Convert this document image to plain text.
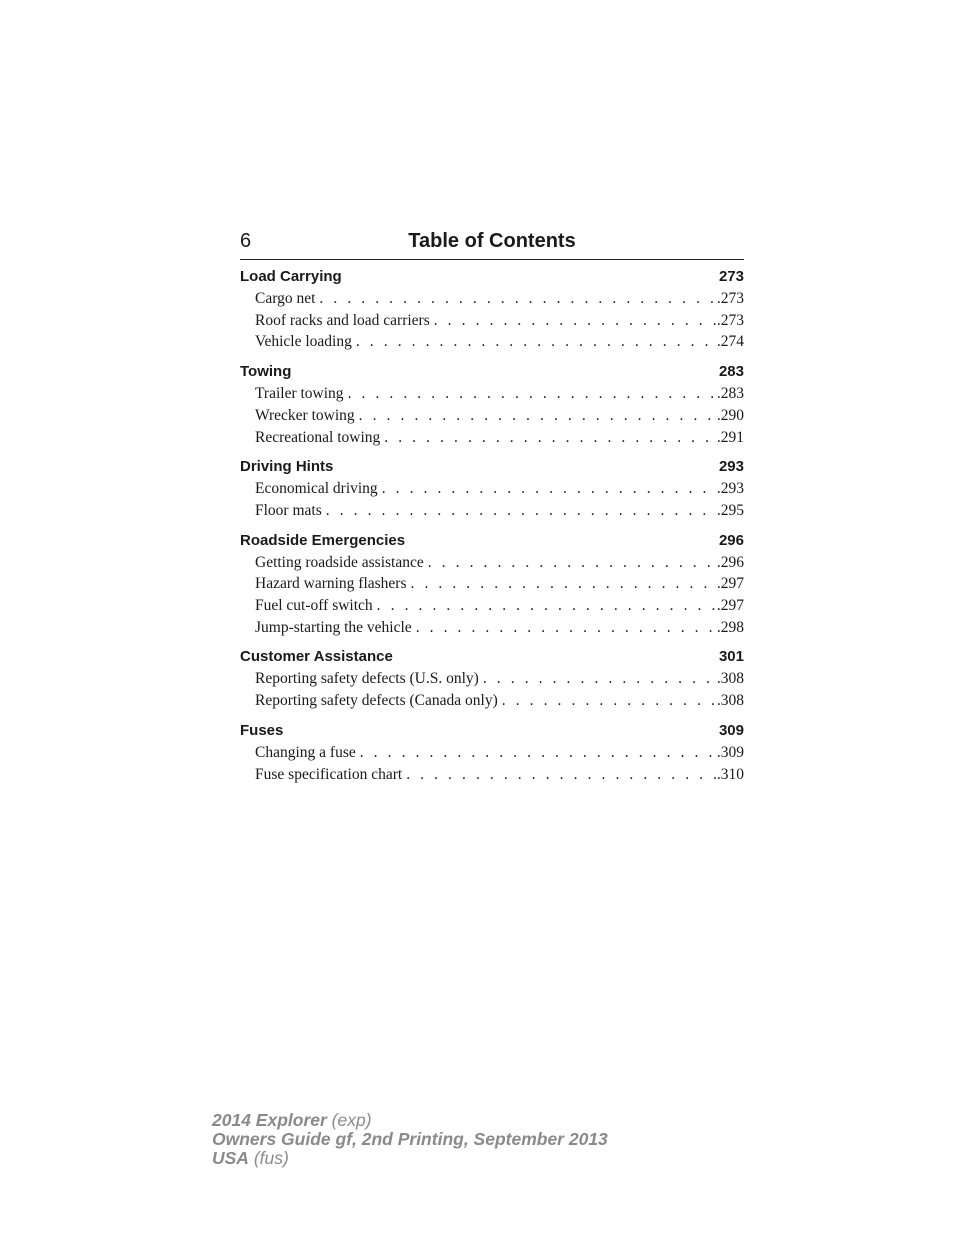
6	Table of Contents
Load Carrying	273
Cargo net . . .	.273
Roof racks and load carriers . . .	.273
Vehicle loading . . .	.274
Towing	283
Trailer towing . . .	.283
Wrecker towing . . .	.290
Recreational towing . . .	.291
Driving Hints	293
Economical driving . . .	.293
Floor mats . . .	.295
Roadside Emergencies	296
Getting roadside assistance . . .	.296
Hazard warning flashers . . .	.297
Fuel cut-off switch . . .	.297
Jump-starting the vehicle . . .	.298
Customer Assistance	301
Reporting safety defects (U.S. only) . . .	.308
Reporting safety defects (Canada only) . . .	.308
Fuses	309
Changing a fuse . . .	.309
Fuse specification chart . . .	.310
2014 Explorer (exp)
Owners Guide gf, 2nd Printing, September 2013
USA (fus)
